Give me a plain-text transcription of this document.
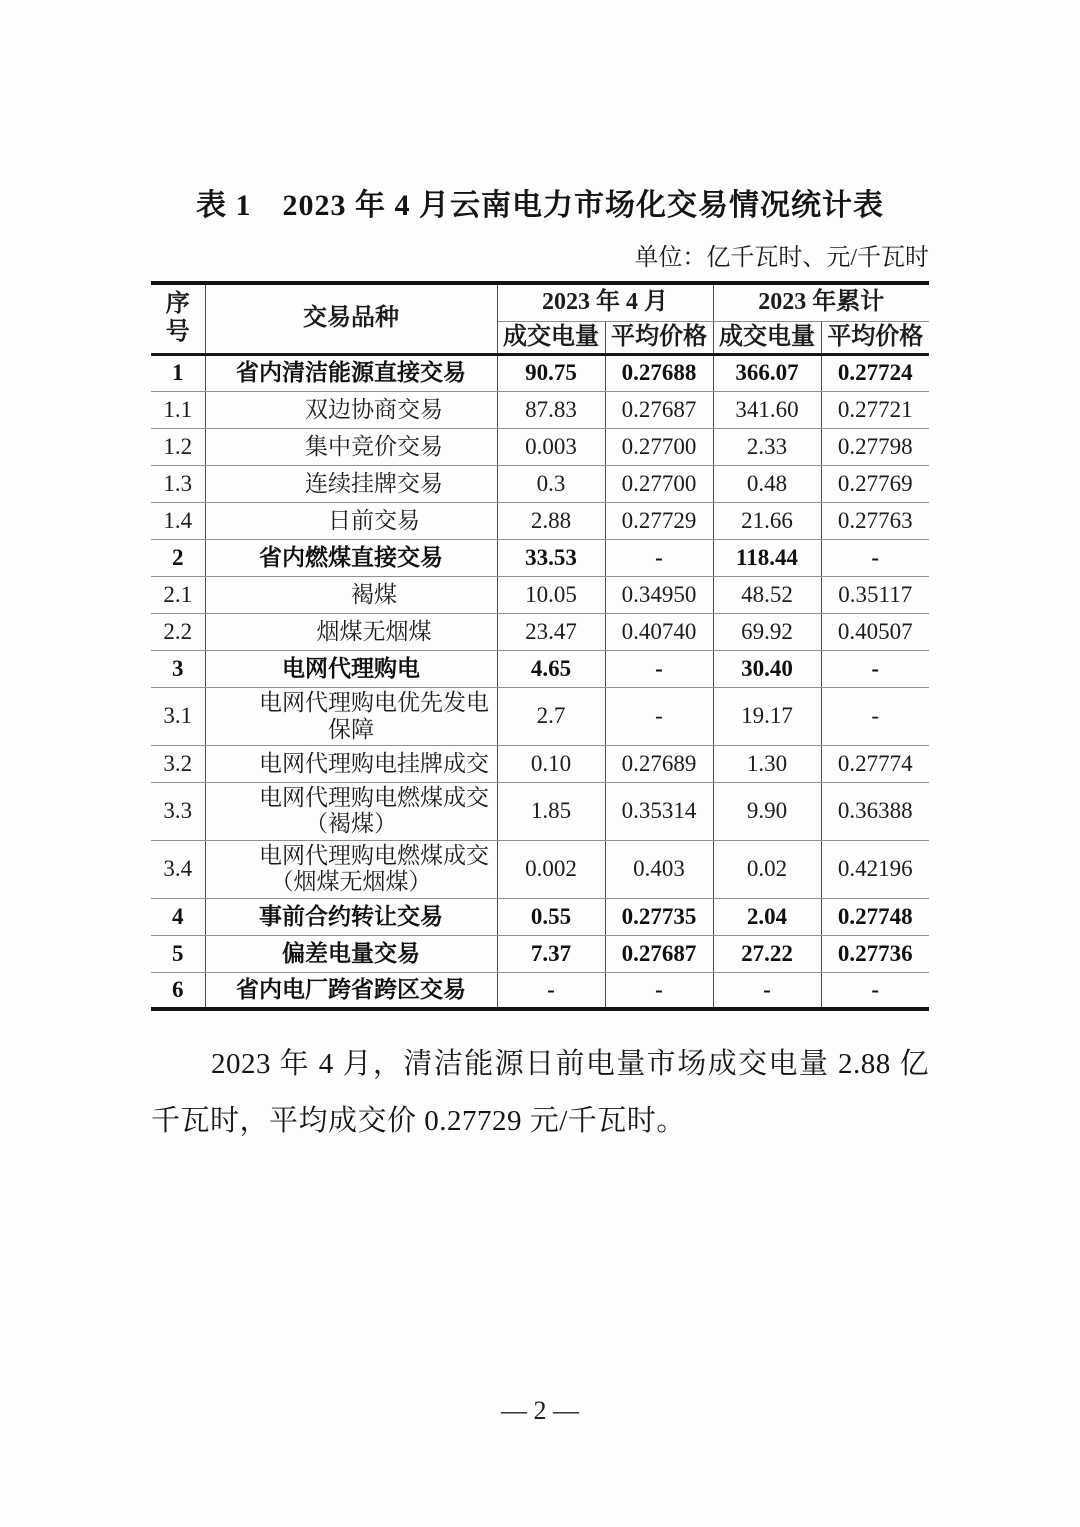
表 1　2023 年 4 月云南电力市场化交易情况统计表
单位：亿千瓦时、元/千瓦时
序号	交易品种	2023 年 4 月		2023 年累计	
		成交电量	平均价格	成交电量	平均价格
1	省内清洁能源直接交易	90.75	0.27688	366.07	0.27724
1.1	双边协商交易	87.83	0.27687	341.60	0.27721
1.2	集中竞价交易	0.003	0.27700	2.33	0.27798
1.3	连续挂牌交易	0.3	0.27700	0.48	0.27769
1.4	日前交易	2.88	0.27729	21.66	0.27763
2	省内燃煤直接交易	33.53	-	118.44	-
2.1	褐煤	10.05	0.34950	48.52	0.35117
2.2	烟煤无烟煤	23.47	0.40740	69.92	0.40507
3	电网代理购电	4.65	-	30.40	-
3.1	电网代理购电优先发电保障	2.7	-	19.17	-
3.2	电网代理购电挂牌成交	0.10	0.27689	1.30	0.27774
3.3	电网代理购电燃煤成交（褐煤）	1.85	0.35314	9.90	0.36388
3.4	电网代理购电燃煤成交（烟煤无烟煤）	0.002	0.403	0.02	0.42196
4	事前合约转让交易	0.55	0.27735	2.04	0.27748
5	偏差电量交易	7.37	0.27687	27.22	0.27736
6	省内电厂跨省跨区交易	-	-	-	-
2023 年 4 月，清洁能源日前电量市场成交电量 2.88 亿千瓦时，平均成交价 0.27729 元/千瓦时。
— 2 —
